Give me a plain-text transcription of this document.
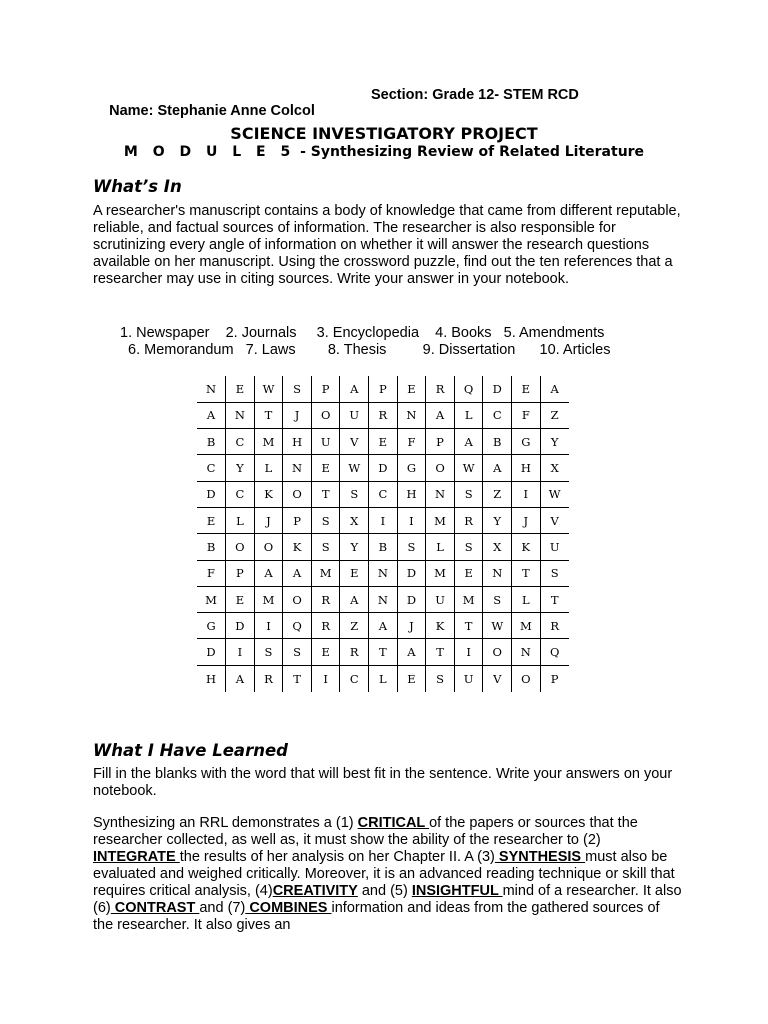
Name: Stephanie Anne Colcol

Section: Grade 12- STEM RCD

SCIENCE INVESTIGATORY PROJECT
M O D U L E 5 - Synthesizing Review of Related Literature
What’s In
A researcher's manuscript contains a body of knowledge that came from different reputable, reliable, and factual sources of information. The researcher is also responsible for scrutinizing every angle of information on whether it will answer the research questions available on her manuscript. Using the crossword puzzle, find out the ten references that a researcher may use in citing sources. Write your answer in your notebook.
1. Newspaper    2. Journals     3. Encyclopedia    4. Books   5. Amendments
6. Memorandum   7. Laws        8. Thesis         9. Dissertation      10. Articles
N	E	W	S	P	A	P	E	R	Q	D	E	A
A	N	T	J	O	U	R	N	A	L	C	F	Z
B	C	M	H	U	V	E	F	P	A	B	G	Y
C	Y	L	N	E	W	D	G	O	W	A	H	X
D	C	K	O	T	S	C	H	N	S	Z	I	W
E	L	J	P	S	X	I	I	M	R	Y	J	V
B	O	O	K	S	Y	B	S	L	S	X	K	U
F	P	A	A	M	E	N	D	M	E	N	T	S
M	E	M	O	R	A	N	D	U	M	S	L	T
G	D	I	Q	R	Z	A	J	K	T	W	M	R
D	I	S	S	E	R	T	A	T	I	O	N	Q
H	A	R	T	I	C	L	E	S	U	V	O	P
What I Have Learned
Fill in the blanks with the word that will best fit in the sentence. Write your answers on your notebook.
Synthesizing an RRL demonstrates a (1) CRITICAL of the papers or sources that the researcher collected, as well as, it must show the ability of the researcher to (2) INTEGRATE the results of her analysis on her Chapter II. A (3) SYNTHESIS must also be evaluated and weighed critically. Moreover, it is an advanced reading technique or skill that requires critical analysis, (4)CREATIVITY and (5) INSIGHTFUL mind of a researcher. It also (6) CONTRAST and (7) COMBINES information and ideas from the gathered sources of the researcher. It also gives an
